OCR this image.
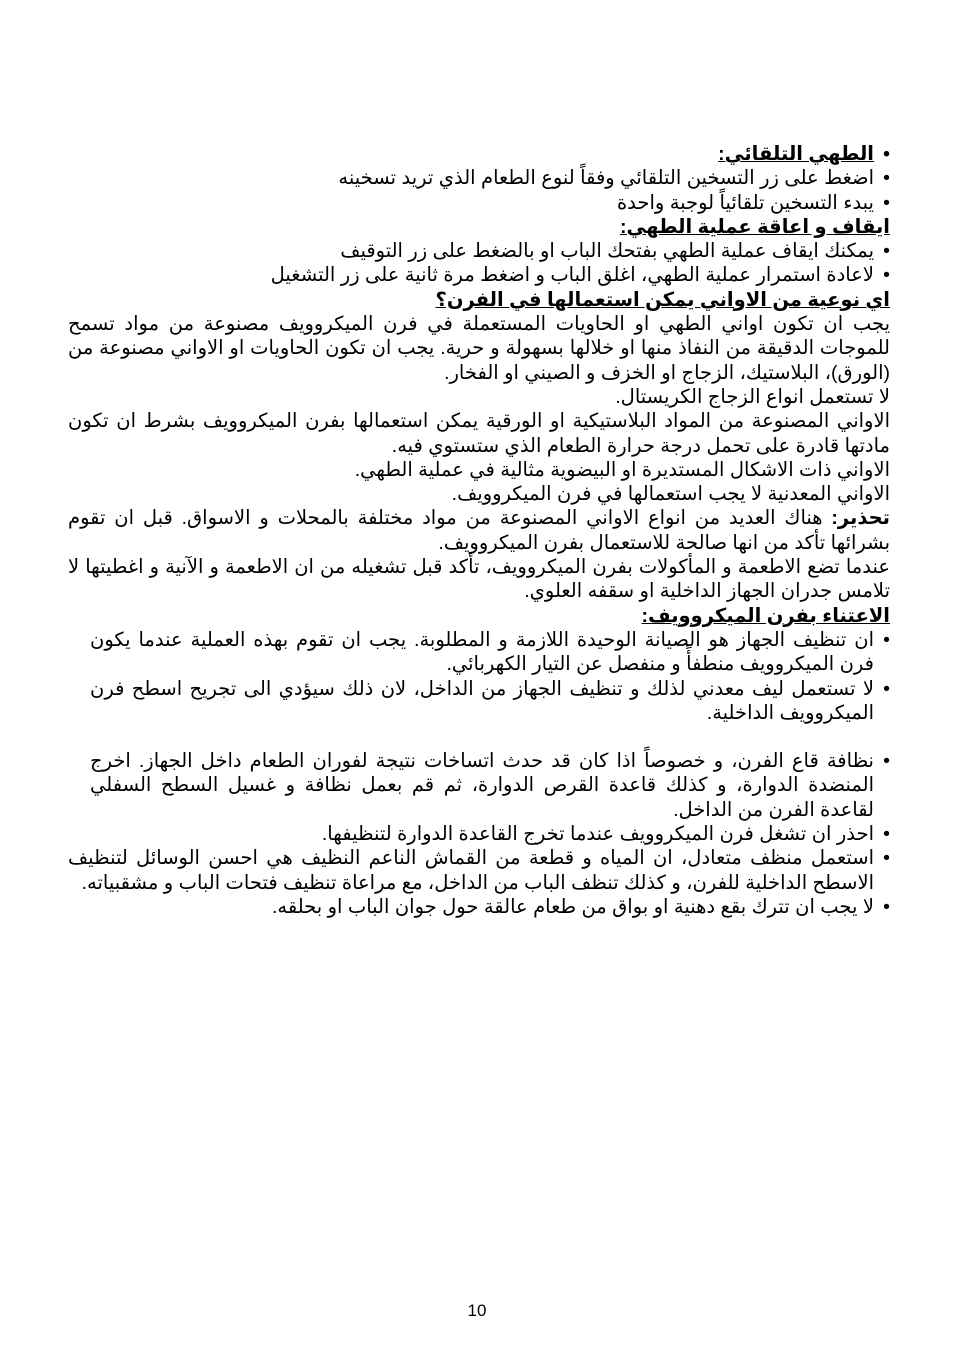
• الطهي التلقائي:
• اضغط على زر التسخين التلقائي وفقاً لنوع الطعام الذي تريد تسخينه
• يبدء التسخين تلقائياً لوجبة واحدة
ايقاف و اعاقة عملية الطهي:
• يمكنك ايقاف عملية الطهي بفتحك الباب او بالضغط على زر التوقيف
• لاعادة استمرار عملية الطهي، اغلق الباب و اضغط مرة ثانية على زر التشغيل
اي نوعية من الاواني يمكن استعمالها في الفرن؟
يجب ان تكون اواني الطهي او الحاويات المستعملة في فرن الميكروويف مصنوعة من مواد تسمح للموجات الدقيقة من النفاذ منها او خلالها بسهولة و حرية. يجب ان تكون الحاويات او الاواني مصنوعة من (الورق)، البلاستيك، الزجاج او الخزف و الصيني او الفخار.
لا تستعمل انواع الزجاج الكريستال.
الاواني المصنوعة من المواد البلاستيكية او الورقية يمكن استعمالها بفرن الميكروويف بشرط ان تكون مادتها قادرة على تحمل درجة حرارة الطعام الذي ستستوي فيه.
الاواني ذات الاشكال المستديرة او البيضوية مثالية في عملية الطهي.
الاواني المعدنية لا يجب استعمالها في فرن الميكروويف.
تحذير: هناك العديد من انواع الاواني المصنوعة من مواد مختلفة بالمحلات و الاسواق. قبل ان تقوم بشرائها تأكد من انها صالحة للاستعمال بفرن الميكروويف.
عندما تضع الاطعمة و المأكولات بفرن الميكروويف، تأكد قبل تشغيله من ان الاطعمة و الآنية و اغطيتها لا تلامس جدران الجهاز الداخلية او سقفه العلوي.
الاعتناء بفرن الميكروويف:
• ان تنظيف الجهاز هو الصيانة الوحيدة اللازمة و المطلوبة. يجب ان تقوم بهذه العملية عندما يكون فرن الميكروويف منطفأً و منفصل عن التيار الكهربائي.
• لا تستعمل ليف معدني لذلك و تنظيف الجهاز من الداخل، لان ذلك سيؤدي الى تجريح اسطح فرن الميكروويف الداخلية.
• نظافة قاع الفرن، و خصوصاً اذا كان قد حدث اتساخات نتيجة لفوران الطعام داخل الجهاز. اخرج المنضدة الدوارة، و كذلك قاعدة القرص الدوارة، ثم قم بعمل نظافة و غسيل السطح السفلي لقاعدة الفرن من الداخل.
• احذر ان تشغل فرن الميكروويف عندما تخرج القاعدة الدوارة لتنظيفها.
• استعمل منظف متعادل، ان المياه و قطعة من القماش الناعم النظيف هي احسن الوسائل لتنظيف الاسطح الداخلية للفرن، و كذلك تنظف الباب من الداخل، مع مراعاة تنظيف فتحات الباب و مشقبياته.
• لا يجب ان تترك بقع دهنية او بواق من طعام عالقة حول جوان الباب او بحلقه.
10
